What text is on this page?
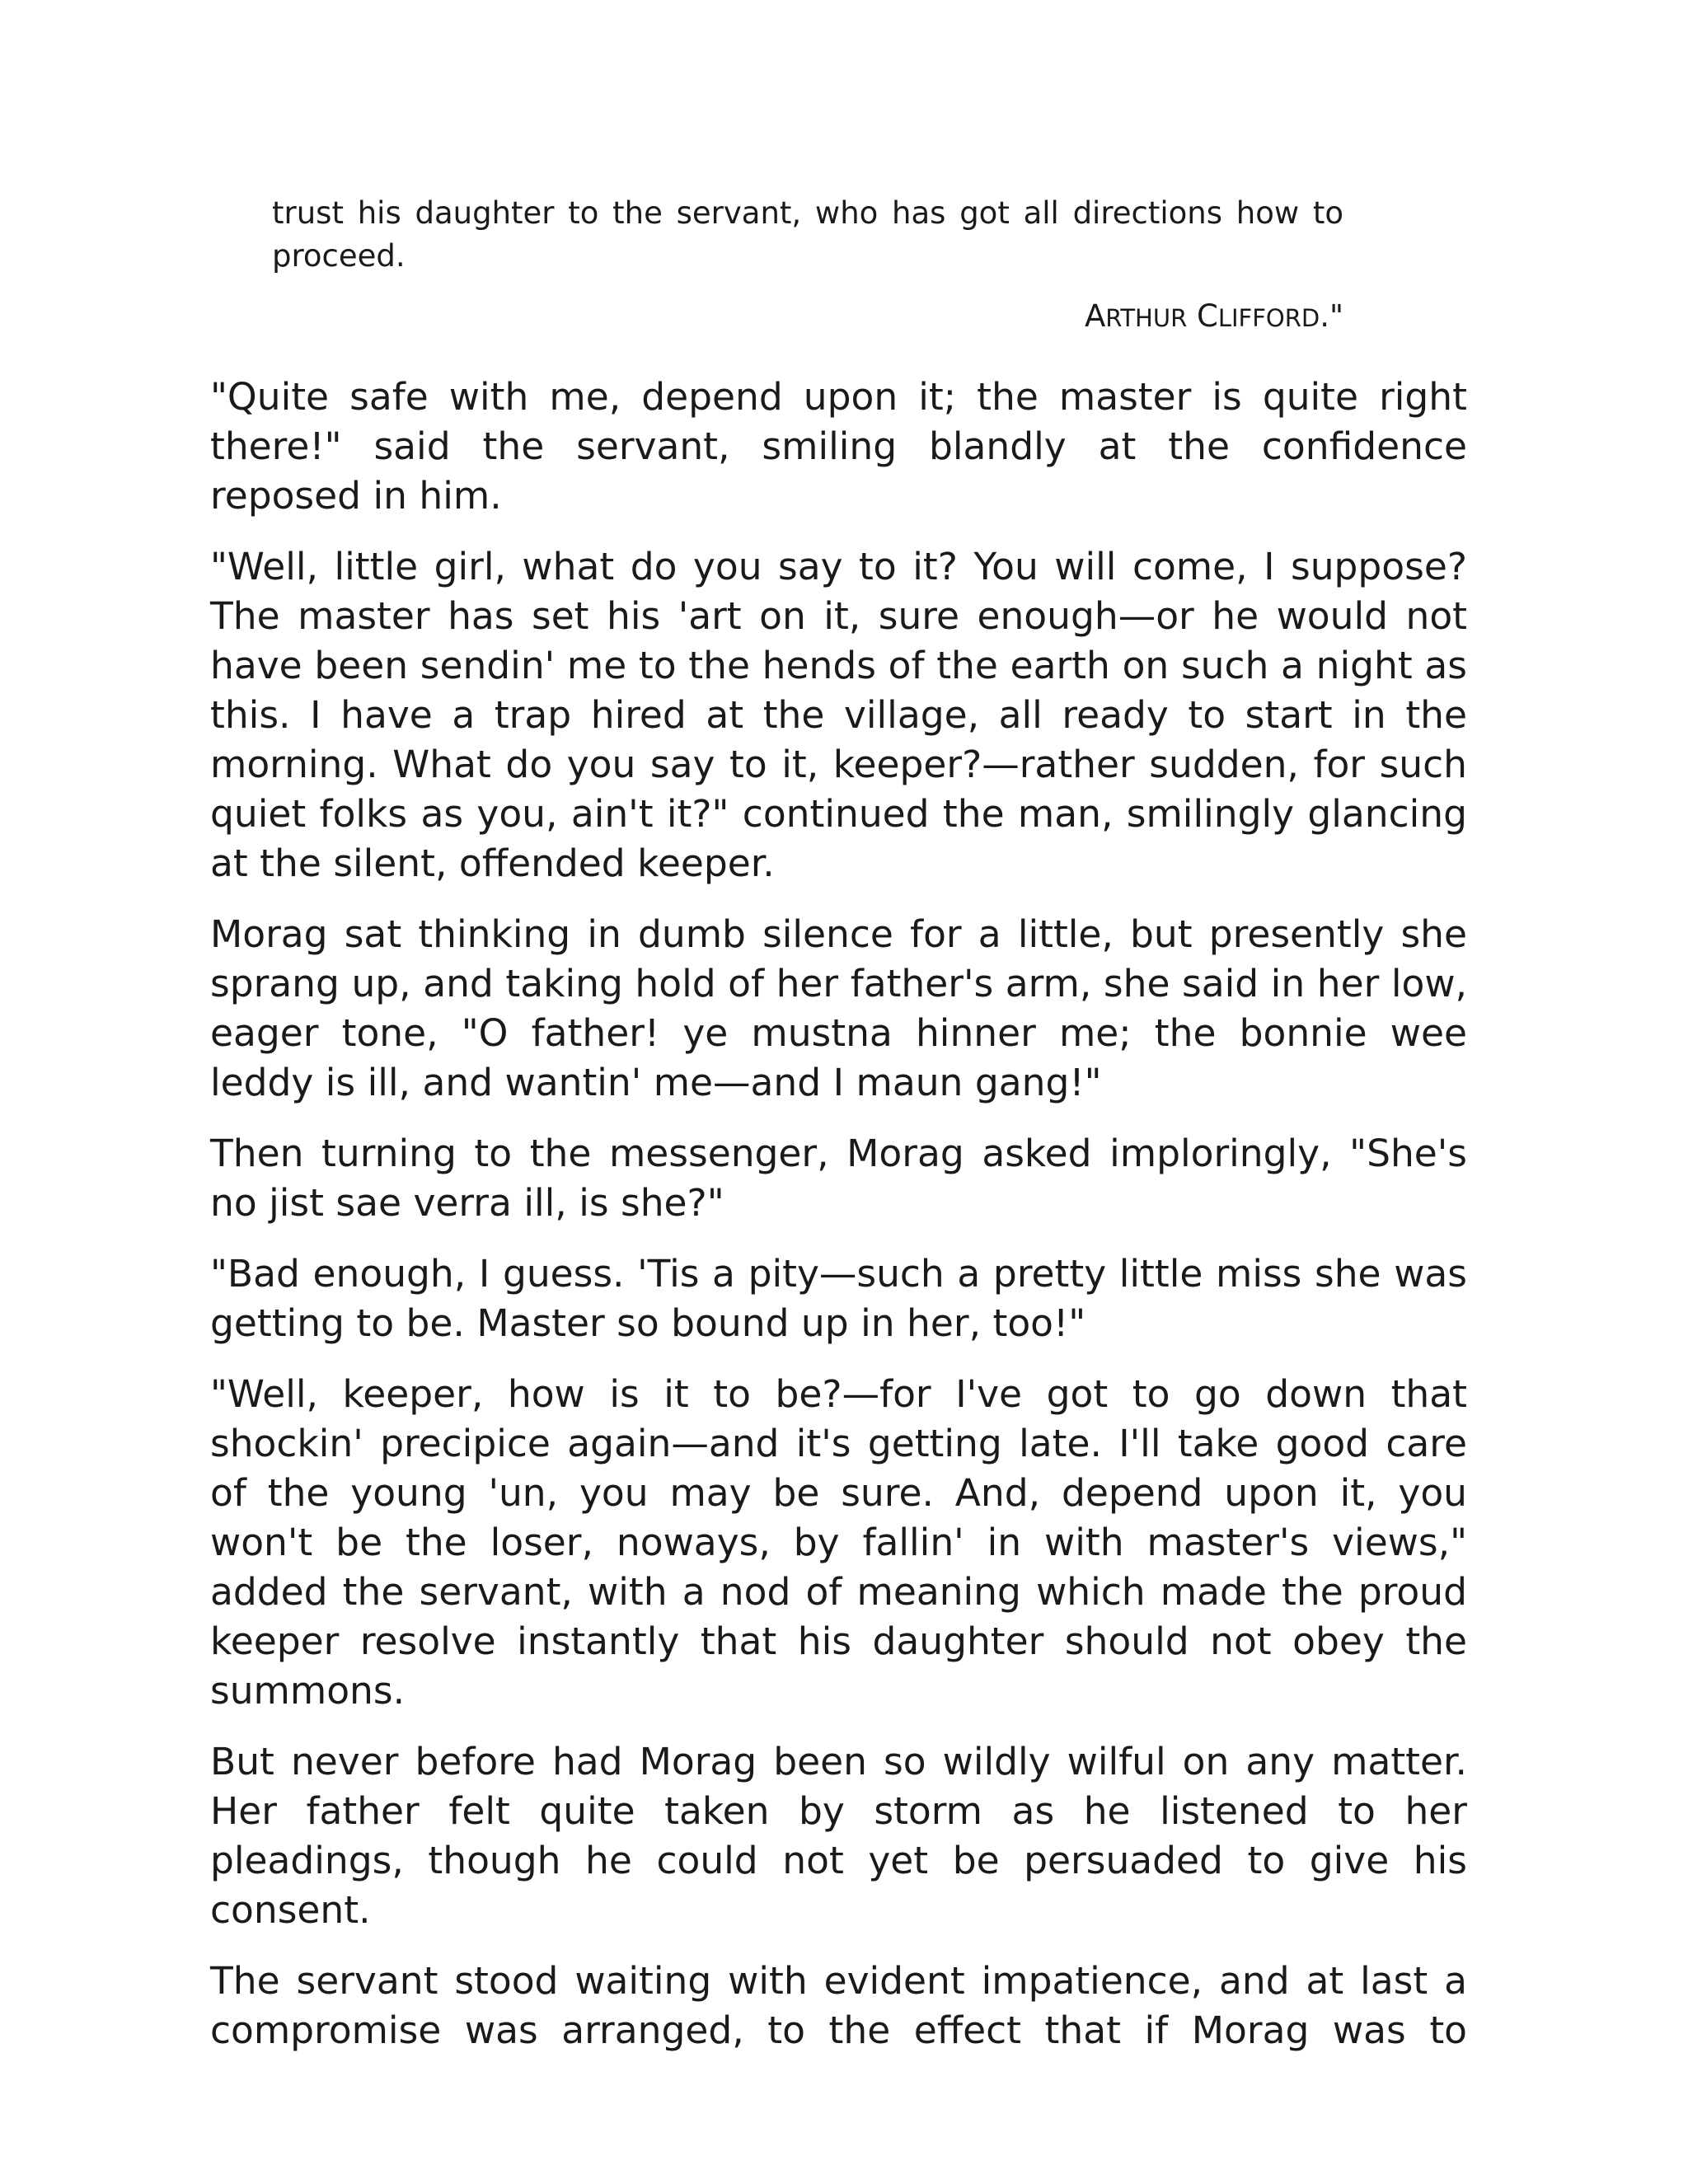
trust his daughter to the servant, who has got all directions how to proceed.
ARTHUR CLIFFORD."

"Quite safe with me, depend upon it; the master is quite right there!" said the servant, smiling blandly at the confidence reposed in him.

"Well, little girl, what do you say to it? You will come, I suppose? The master has set his 'art on it, sure enough—or he would not have been sendin' me to the hends of the earth on such a night as this. I have a trap hired at the village, all ready to start in the morning. What do you say to it, keeper?—rather sudden, for such quiet folks as you, ain't it?" continued the man, smilingly glancing at the silent, offended keeper.

Morag sat thinking in dumb silence for a little, but presently she sprang up, and taking hold of her father's arm, she said in her low, eager tone, "O father! ye mustna hinner me; the bonnie wee leddy is ill, and wantin' me—and I maun gang!"

Then turning to the messenger, Morag asked imploringly, "She's no jist sae verra ill, is she?"

"Bad enough, I guess. 'Tis a pity—such a pretty little miss she was getting to be. Master so bound up in her, too!"

"Well, keeper, how is it to be?—for I've got to go down that shockin' precipice again—and it's getting late. I'll take good care of the young 'un, you may be sure. And, depend upon it, you won't be the loser, noways, by fallin' in with master's views," added the servant, with a nod of meaning which made the proud keeper resolve instantly that his daughter should not obey the summons.

But never before had Morag been so wildly wilful on any matter. Her father felt quite taken by storm as he listened to her pleadings, though he could not yet be persuaded to give his consent.

The servant stood waiting with evident impatience, and at last a compromise was arranged, to the effect that if Morag was to
